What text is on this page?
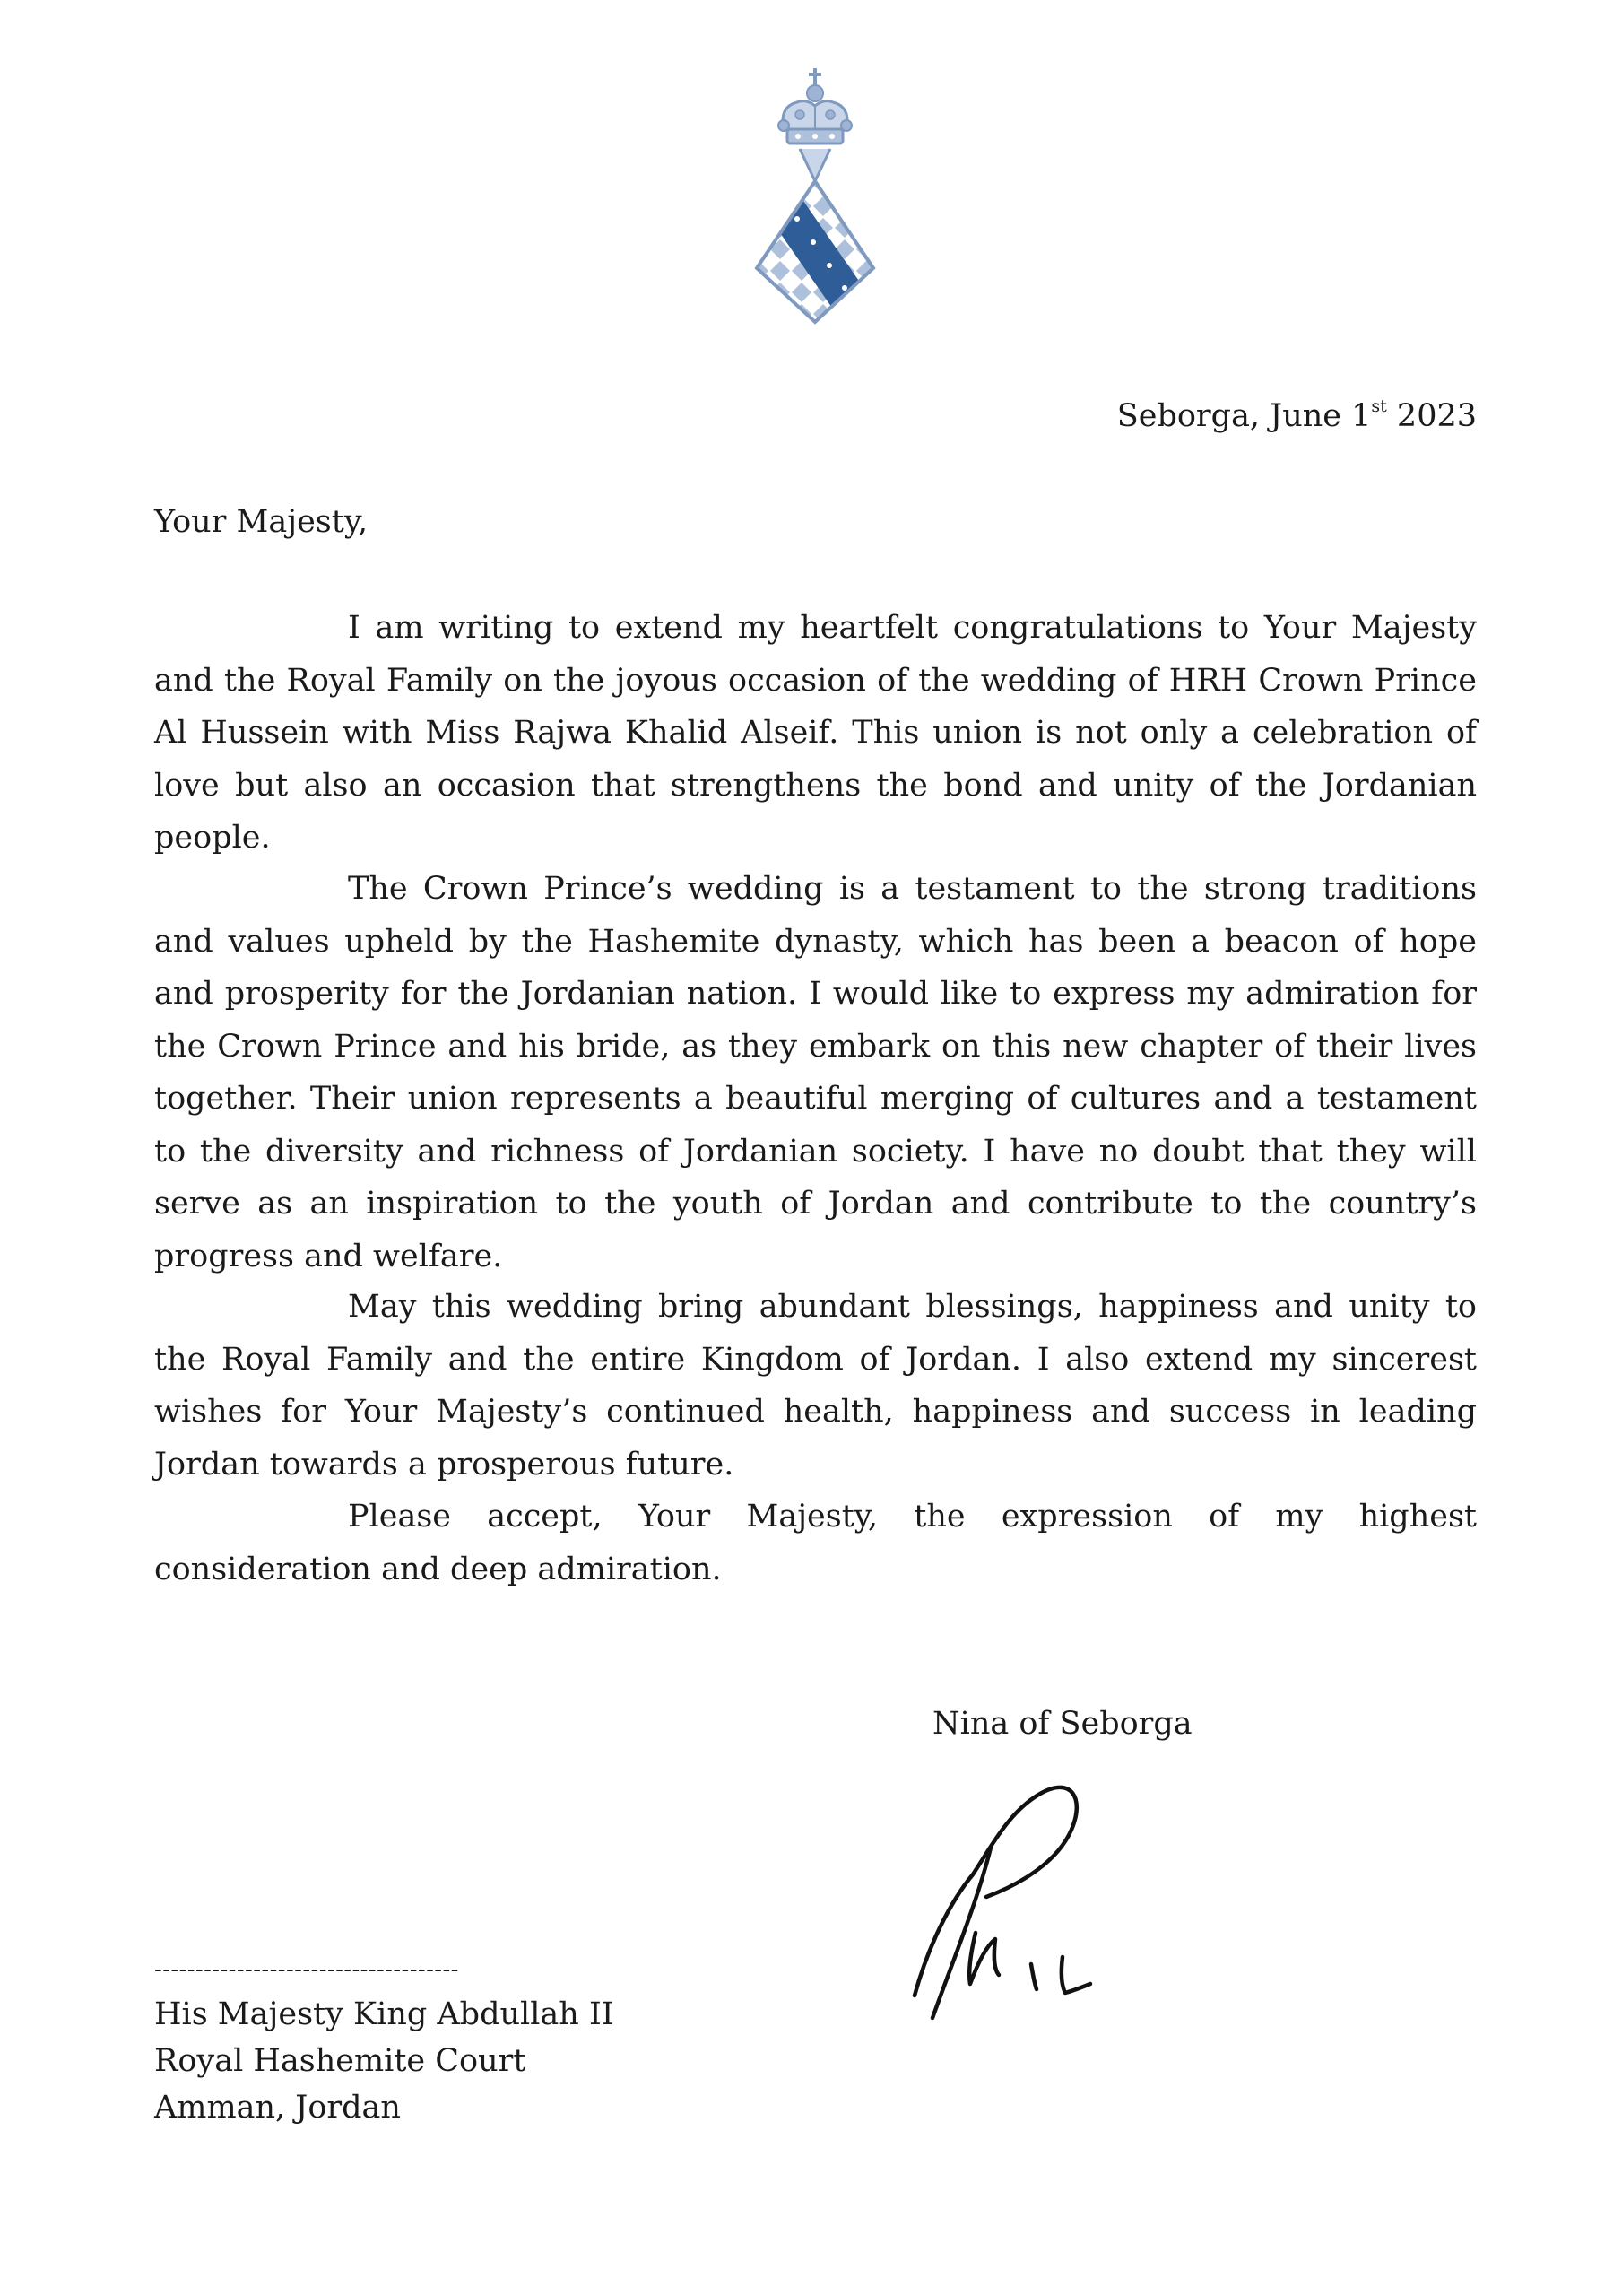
Seborga, June 1st 2023
Your Majesty,

I am writing to extend my heartfelt congratulations to Your Majesty and the Royal Family on the joyous occasion of the wedding of HRH Crown Prince Al Hussein with Miss Rajwa Khalid Alseif. This union is not only a celebration of love but also an occasion that strengthens the bond and unity of the Jordanian people.

The Crown Prince’s wedding is a testament to the strong traditions and values upheld by the Hashemite dynasty, which has been a beacon of hope and prosperity for the Jordanian nation. I would like to express my admiration for the Crown Prince and his bride, as they embark on this new chapter of their lives together. Their union represents a beautiful merging of cultures and a testament to the diversity and richness of Jordanian society. I have no doubt that they will serve as an inspiration to the youth of Jordan and contribute to the country’s progress and welfare.

May this wedding bring abundant blessings, happiness and unity to the Royal Family and the entire Kingdom of Jordan. I also extend my sincerest wishes for Your Majesty’s continued health, happiness and success in leading Jordan towards a prosperous future.

Please accept, Your Majesty, the expression of my highest consideration and deep admiration.

Nina of Seborga
-------------------------------------
His Majesty King Abdullah II
Royal Hashemite Court
Amman, Jordan
